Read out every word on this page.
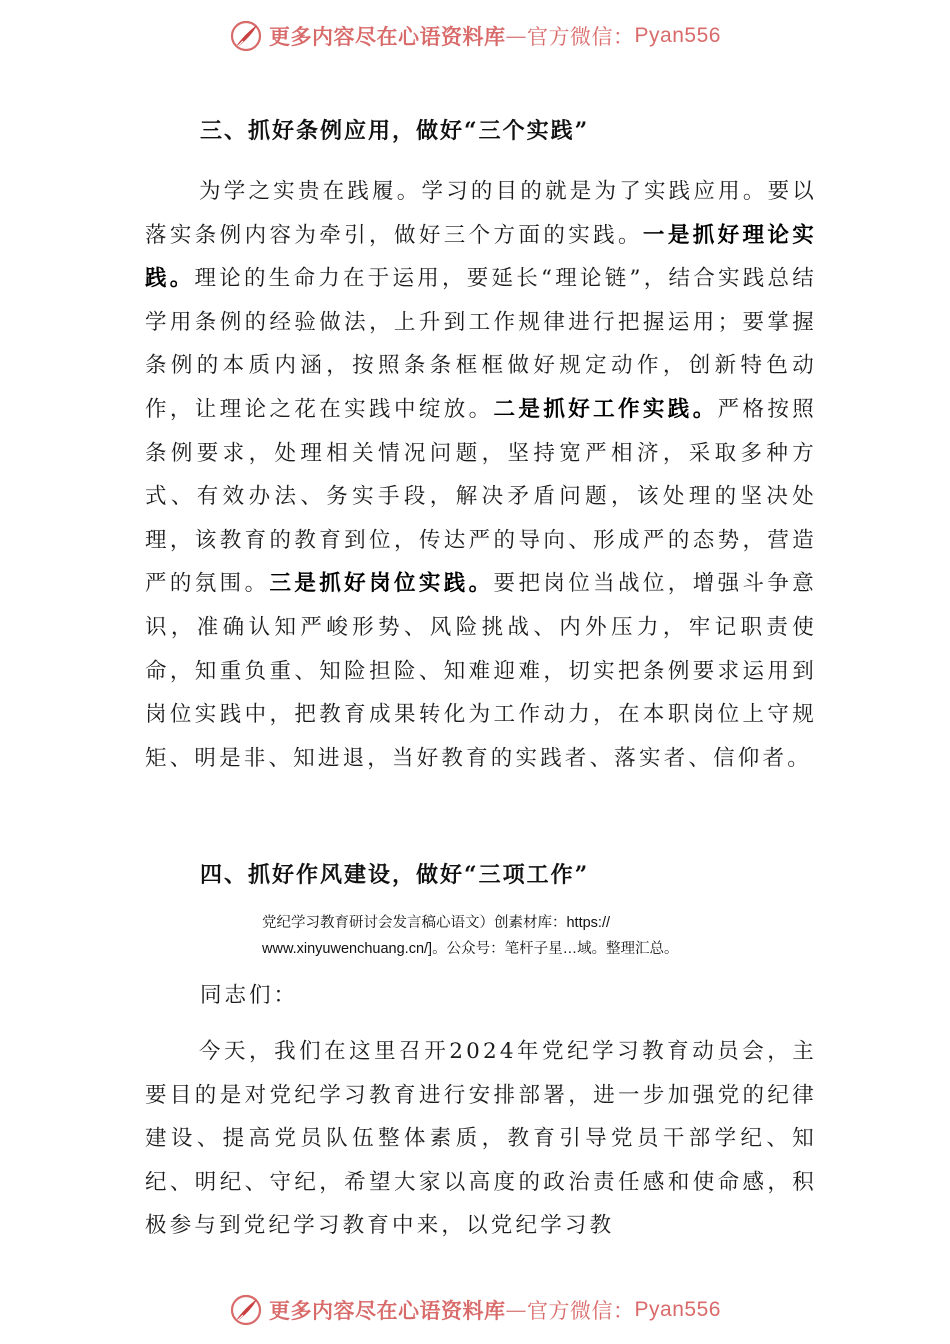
更多内容尽在心语资料库 — 官方微信： Pyan556
三、抓好条例应用，做好“三个实践”

为学之实贵在践履。学习的目的就是为了实践应用。要以落实条例内容为牵引，做好三个方面的实践。一是抓好理论实践。理论的生命力在于运用，要延长“理论链”，结合实践总结学用条例的经验做法，上升到工作规律进行把握运用；要掌握条例的本质内涵，按照条条框框做好规定动作，创新特色动作，让理论之花在实践中绽放。二是抓好工作实践。严格按照条例要求，处理相关情况问题，坚持宽严相济，采取多种方式、有效办法、务实手段，解决矛盾问题，该处理的坚决处理，该教育的教育到位，传达严的导向、形成严的态势，营造严的氛围。三是抓好岗位实践。要把岗位当战位，增强斗争意识，准确认知严峻形势、风险挑战、内外压力，牢记职责使命，知重负重、知险担险、知难迎难，切实把条例要求运用到岗位实践中，把教育成果转化为工作动力，在本职岗位上守规矩、明是非、知进退，当好教育的实践者、落实者、信仰者。

四、抓好作风建设，做好“三项工作”
党纪学习教育研讨会发言稿心语文）创素材库：https://
www.xinyuwenchuang.cn/]。公众号：笔杆子星…域。整理汇总。
同志们：

今天，我们在这里召开2024年党纪学习教育动员会，主要目的是对党纪学习教育进行安排部署，进一步加强党的纪律建设、提高党员队伍整体素质，教育引导党员干部学纪、知纪、明纪、守纪，希望大家以高度的政治责任感和使命感，积极参与到党纪学习教育中来，以党纪学习教

更多内容尽在心语资料库 — 官方微信： Pyan556
